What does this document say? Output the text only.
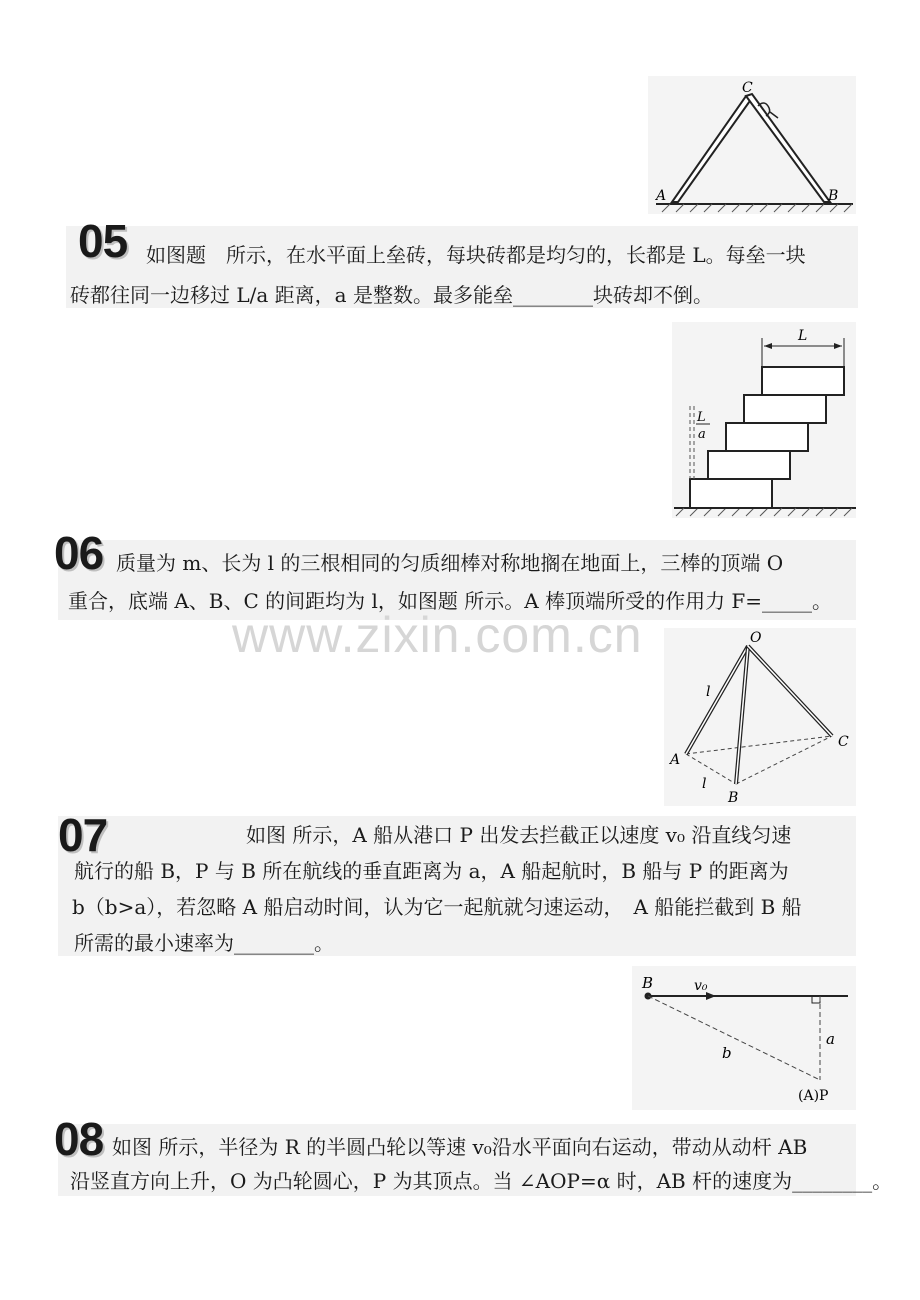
C
A	B
05 如图题　所示，在水平面上垒砖，每块砖都是均匀的，长都是 L。每垒一块
砖都往同一边移过 L/a 距离，a 是整数。最多能垒________块砖却不倒。
L
L
a
06 质量为 m、长为 l 的三根相同的匀质细棒对称地搁在地面上，三棒的顶端 O
重合，底端 A、B、C 的间距均为 l，如图题 所示。A 棒顶端所受的作用力 F=_____。
www.zixin.com.cn	O
A
B
C
l
l
07	如图 所示，A 船从港口 P 出发去拦截正以速度 v₀ 沿直线匀速
航行的船 B，P 与 B 所在航线的垂直距离为 a，A 船起航时，B 船与 P 的距离为
b（b>a），若忽略 A 船启动时间，认为它一起航就匀速运动，　A 船能拦截到 B 船
所需的最小速率为________。
B	v₀
a
b
(A)P
08 如图 所示，半径为 R 的半圆凸轮以等速 v₀沿水平面向右运动，带动从动杆 AB
沿竖直方向上升，O 为凸轮圆心，P 为其顶点。当 ∠AOP=α 时，AB 杆的速度为________。
